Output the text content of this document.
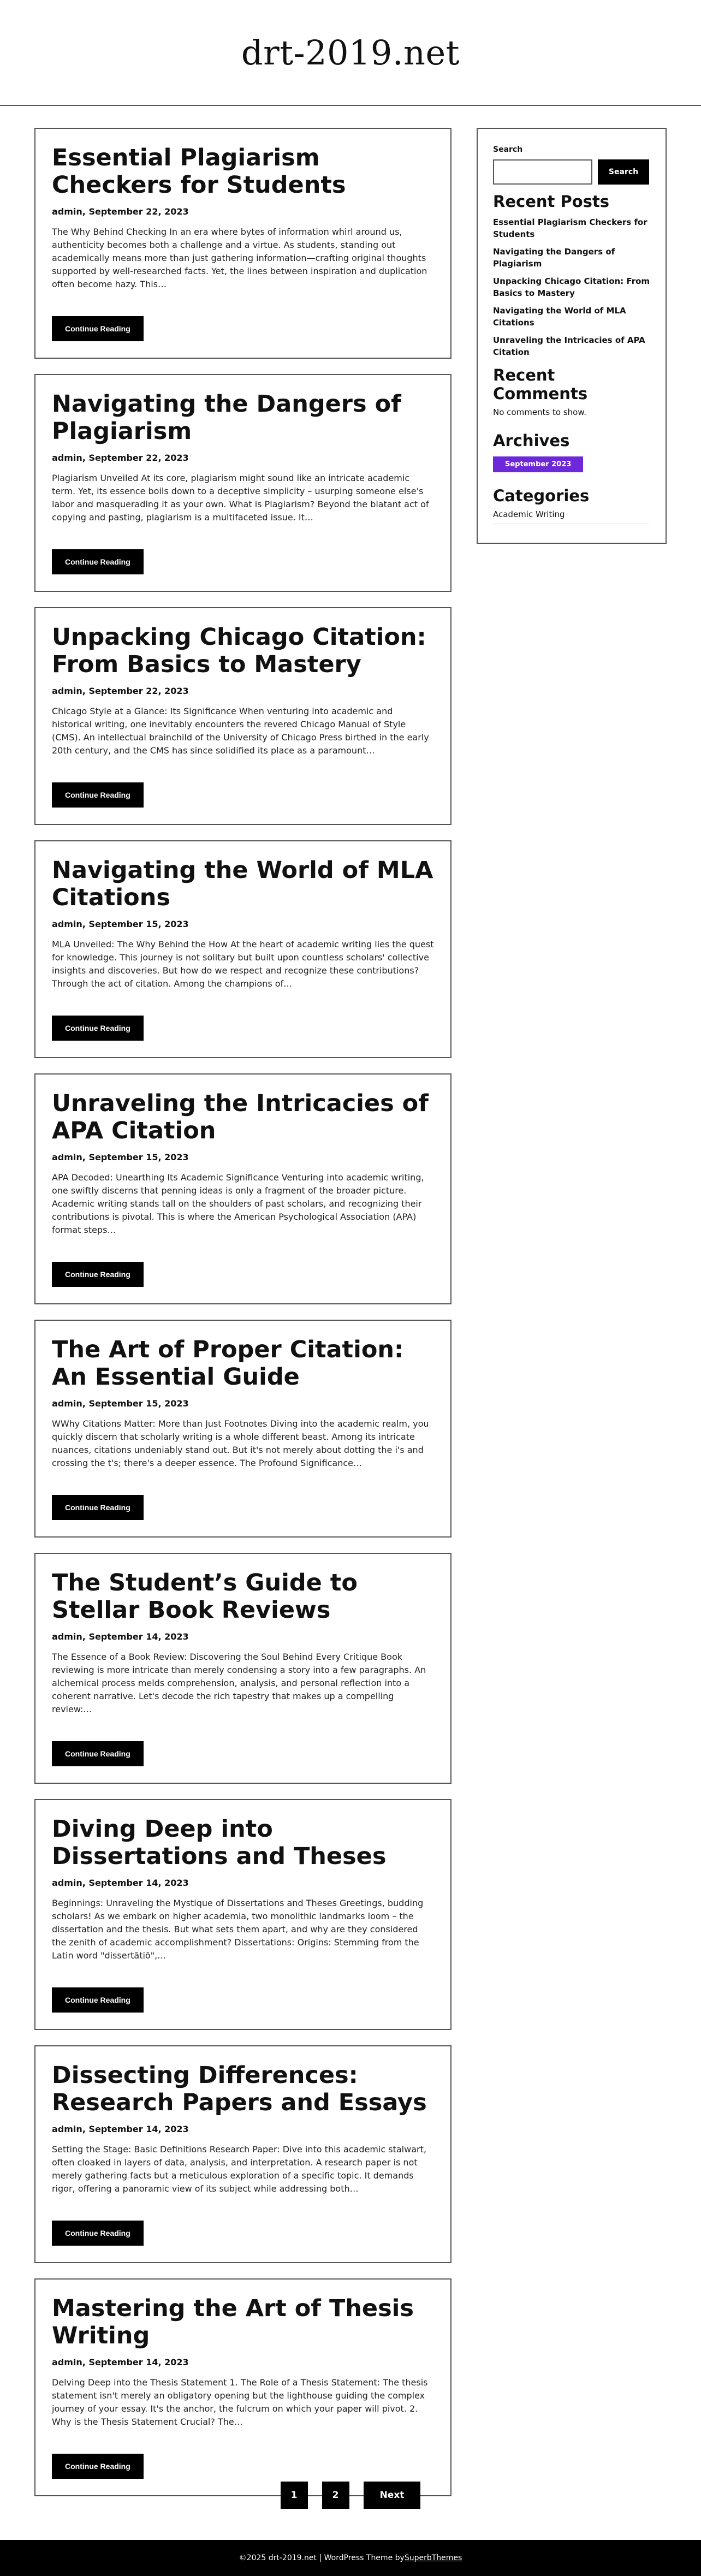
drt-2019.net
Essential Plagiarism Checkers for Students
admin, September 22, 2023

The Why Behind Checking In an era where bytes of information whirl around us, authenticity becomes both a challenge and a virtue. As students, standing out academically means more than just gathering information—crafting original thoughts supported by well-researched facts. Yet, the lines between inspiration and duplication often become hazy. This…

Continue Reading
Navigating the Dangers of Plagiarism
admin, September 22, 2023

Plagiarism Unveiled At its core, plagiarism might sound like an intricate academic term. Yet, its essence boils down to a deceptive simplicity – usurping someone else's labor and masquerading it as your own. What is Plagiarism? Beyond the blatant act of copying and pasting, plagiarism is a multifaceted issue. It…

Continue Reading
Unpacking Chicago Citation: From Basics to Mastery
admin, September 22, 2023

Chicago Style at a Glance: Its Significance When venturing into academic and historical writing, one inevitably encounters the revered Chicago Manual of Style (CMS). An intellectual brainchild of the University of Chicago Press birthed in the early 20th century, and the CMS has since solidified its place as a paramount…

Continue Reading
Navigating the World of MLA Citations
admin, September 15, 2023

MLA Unveiled: The Why Behind the How At the heart of academic writing lies the quest for knowledge. This journey is not solitary but built upon countless scholars' collective insights and discoveries. But how do we respect and recognize these contributions? Through the act of citation. Among the champions of…

Continue Reading
Unraveling the Intricacies of APA Citation
admin, September 15, 2023

APA Decoded: Unearthing Its Academic Significance Venturing into academic writing, one swiftly discerns that penning ideas is only a fragment of the broader picture. Academic writing stands tall on the shoulders of past scholars, and recognizing their contributions is pivotal. This is where the American Psychological Association (APA) format steps…

Continue Reading
The Art of Proper Citation: An Essential Guide
admin, September 15, 2023

WWhy Citations Matter: More than Just Footnotes Diving into the academic realm, you quickly discern that scholarly writing is a whole different beast. Among its intricate nuances, citations undeniably stand out. But it's not merely about dotting the i's and crossing the t's; there's a deeper essence. The Profound Significance…

Continue Reading
The Student’s Guide to Stellar Book Reviews
admin, September 14, 2023

The Essence of a Book Review: Discovering the Soul Behind Every Critique Book reviewing is more intricate than merely condensing a story into a few paragraphs. An alchemical process melds comprehension, analysis, and personal reflection into a coherent narrative. Let's decode the rich tapestry that makes up a compelling review:…

Continue Reading
Diving Deep into Dissertations and Theses
admin, September 14, 2023

Beginnings: Unraveling the Mystique of Dissertations and Theses Greetings, budding scholars! As we embark on higher academia, two monolithic landmarks loom – the dissertation and the thesis. But what sets them apart, and why are they considered the zenith of academic accomplishment? Dissertations: Origins: Stemming from the Latin word "dissertātiō",…

Continue Reading
Dissecting Differences: Research Papers and Essays
admin, September 14, 2023

Setting the Stage: Basic Definitions Research Paper: Dive into this academic stalwart, often cloaked in layers of data, analysis, and interpretation. A research paper is not merely gathering facts but a meticulous exploration of a specific topic. It demands rigor, offering a panoramic view of its subject while addressing both…

Continue Reading
Mastering the Art of Thesis Writing
admin, September 14, 2023

Delving Deep into the Thesis Statement 1. The Role of a Thesis Statement: The thesis statement isn't merely an obligatory opening but the lighthouse guiding the complex journey of your essay. It's the anchor, the fulcrum on which your paper will pivot. 2. Why is the Thesis Statement Crucial? The…

Continue Reading
Search
Search
Recent Posts
Essential Plagiarism Checkers for Students
Navigating the Dangers of Plagiarism
Unpacking Chicago Citation: From Basics to Mastery
Navigating the World of MLA Citations
Unraveling the Intricacies of APA Citation
Recent Comments
No comments to show.
Archives
September 2023
Categories
Academic Writing
1	2	Next
©2025 drt-2019.net | WordPress Theme by SuperbThemes
